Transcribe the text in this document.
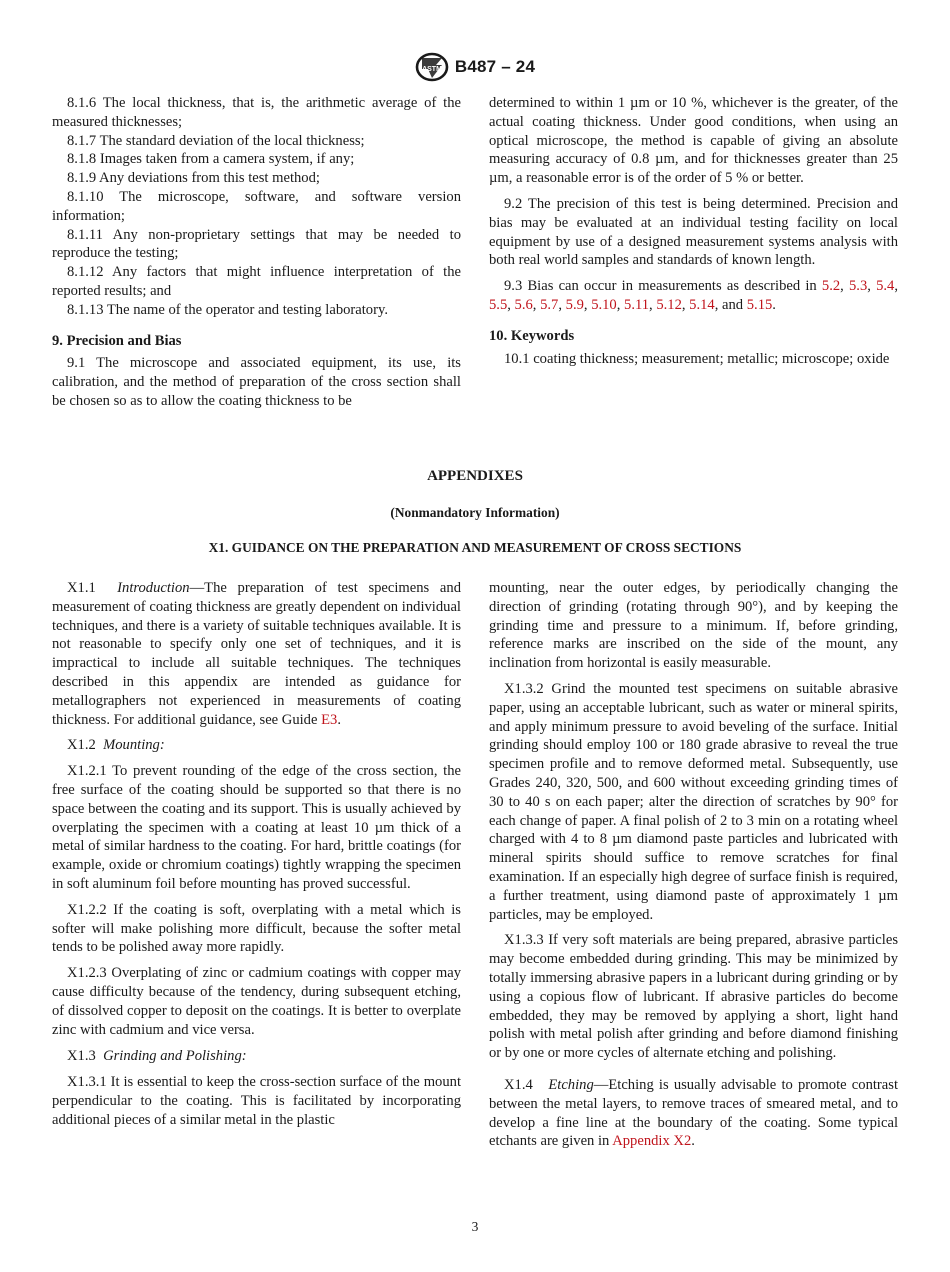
ASTM B487 – 24

8.1.6 The local thickness, that is, the arithmetic average of the measured thicknesses;

8.1.7 The standard deviation of the local thickness;

8.1.8 Images taken from a camera system, if any;

8.1.9 Any deviations from this test method;

8.1.10 The microscope, software, and software version information;

8.1.11 Any non-proprietary settings that may be needed to reproduce the testing;

8.1.12 Any factors that might influence interpretation of the reported results; and

8.1.13 The name of the operator and testing laboratory.

9. Precision and Bias

9.1 The microscope and associated equipment, its use, its calibration, and the method of preparation of the cross section shall be chosen so as to allow the coating thickness to be

determined to within 1 µm or 10 %, whichever is the greater, of the actual coating thickness. Under good conditions, when using an optical microscope, the method is capable of giving an absolute measuring accuracy of 0.8 µm, and for thicknesses greater than 25 µm, a reasonable error is of the order of 5 % or better.

9.2 The precision of this test is being determined. Precision and bias may be evaluated at an individual testing facility on local equipment by use of a designed measurement systems analysis with both real world samples and standards of known length.

9.3 Bias can occur in measurements as described in 5.2, 5.3, 5.4, 5.5, 5.6, 5.7, 5.9, 5.10, 5.11, 5.12, 5.14, and 5.15.

10. Keywords

10.1 coating thickness; measurement; metallic; microscope; oxide

APPENDIXES
(Nonmandatory Information)
X1. GUIDANCE ON THE PREPARATION AND MEASUREMENT OF CROSS SECTIONS

X1.1 Introduction—The preparation of test specimens and measurement of coating thickness are greatly dependent on individual techniques, and there is a variety of suitable techniques available. It is not reasonable to specify only one set of techniques, and it is impractical to include all suitable techniques. The techniques described in this appendix are intended as guidance for metallographers not experienced in measurements of coating thickness. For additional guidance, see Guide E3.

X1.2 Mounting:

X1.2.1 To prevent rounding of the edge of the cross section, the free surface of the coating should be supported so that there is no space between the coating and its support. This is usually achieved by overplating the specimen with a coating at least 10 µm thick of a metal of similar hardness to the coating. For hard, brittle coatings (for example, oxide or chromium coatings) tightly wrapping the specimen in soft aluminum foil before mounting has proved successful.

X1.2.2 If the coating is soft, overplating with a metal which is softer will make polishing more difficult, because the softer metal tends to be polished away more rapidly.

X1.2.3 Overplating of zinc or cadmium coatings with copper may cause difficulty because of the tendency, during subsequent etching, of dissolved copper to deposit on the coatings. It is better to overplate zinc with cadmium and vice versa.

X1.3 Grinding and Polishing:

X1.3.1 It is essential to keep the cross-section surface of the mount perpendicular to the coating. This is facilitated by incorporating additional pieces of a similar metal in the plastic

mounting, near the outer edges, by periodically changing the direction of grinding (rotating through 90°), and by keeping the grinding time and pressure to a minimum. If, before grinding, reference marks are inscribed on the side of the mount, any inclination from horizontal is easily measurable.

X1.3.2 Grind the mounted test specimens on suitable abrasive paper, using an acceptable lubricant, such as water or mineral spirits, and apply minimum pressure to avoid beveling of the surface. Initial grinding should employ 100 or 180 grade abrasive to reveal the true specimen profile and to remove deformed metal. Subsequently, use Grades 240, 320, 500, and 600 without exceeding grinding times of 30 to 40 s on each paper; alter the direction of scratches by 90° for each change of paper. A final polish of 2 to 3 min on a rotating wheel charged with 4 to 8 µm diamond paste particles and lubricated with mineral spirits should suffice to remove scratches for final examination. If an especially high degree of surface finish is required, a further treatment, using diamond paste of approximately 1 µm particles, may be employed.

X1.3.3 If very soft materials are being prepared, abrasive particles may become embedded during grinding. This may be minimized by totally immersing abrasive papers in a lubricant during grinding or by using a copious flow of lubricant. If abrasive particles do become embedded, they may be removed by applying a short, light hand polish with metal polish after grinding and before diamond finishing or by one or more cycles of alternate etching and polishing.

X1.4 Etching—Etching is usually advisable to promote contrast between the metal layers, to remove traces of smeared metal, and to develop a fine line at the boundary of the coating. Some typical etchants are given in Appendix X2.

3
